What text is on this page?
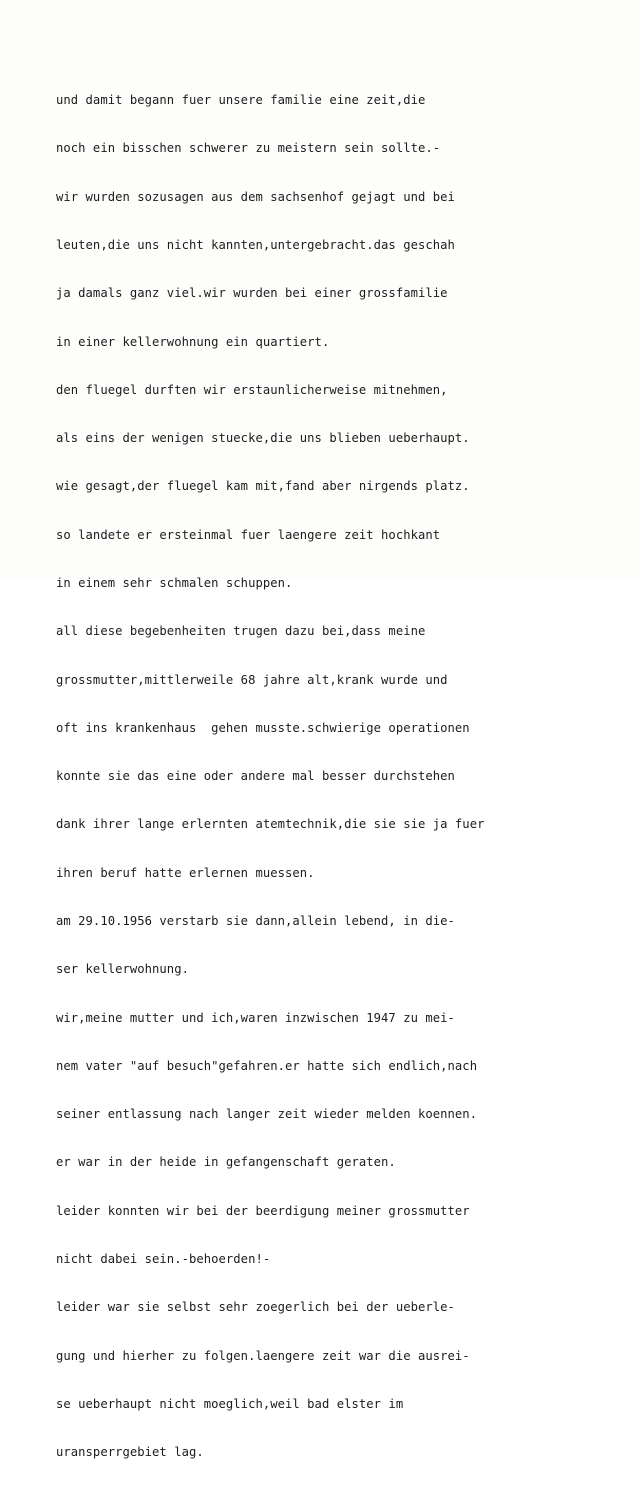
und damit begann fuer unsere familie eine zeit,die

noch ein bisschen schwerer zu meistern sein sollte.-

wir wurden sozusagen aus dem sachsenhof gejagt und bei

leuten,die uns nicht kannten,untergebracht.das geschah

ja damals ganz viel.wir wurden bei einer grossfamilie

in einer kellerwohnung ein quartiert.

den fluegel durften wir erstaunlicherweise mitnehmen,

als eins der wenigen stuecke,die uns blieben ueberhaupt.

wie gesagt,der fluegel kam mit,fand aber nirgends platz.

so landete er ersteinmal fuer laengere zeit hochkant

in einem sehr schmalen schuppen.

all diese begebenheiten trugen dazu bei,dass meine

grossmutter,mittlerweile 68 jahre alt,krank wurde und

oft ins krankenhaus  gehen musste.schwierige operationen

konnte sie das eine oder andere mal besser durchstehen

dank ihrer lange erlernten atemtechnik,die sie sie ja fuer

ihren beruf hatte erlernen muessen.

am 29.10.1956 verstarb sie dann,allein lebend, in die-

ser kellerwohnung.

wir,meine mutter und ich,waren inzwischen 1947 zu mei-

nem vater "auf besuch"gefahren.er hatte sich endlich,nach

seiner entlassung nach langer zeit wieder melden koennen.

er war in der heide in gefangenschaft geraten.

leider konnten wir bei der beerdigung meiner grossmutter

nicht dabei sein.-behoerden!-

leider war sie selbst sehr zoegerlich bei der ueberle-

gung und hierher zu folgen.laengere zeit war die ausrei-

se ueberhaupt nicht moeglich,weil bad elster im

uransperrgebiet lag.
